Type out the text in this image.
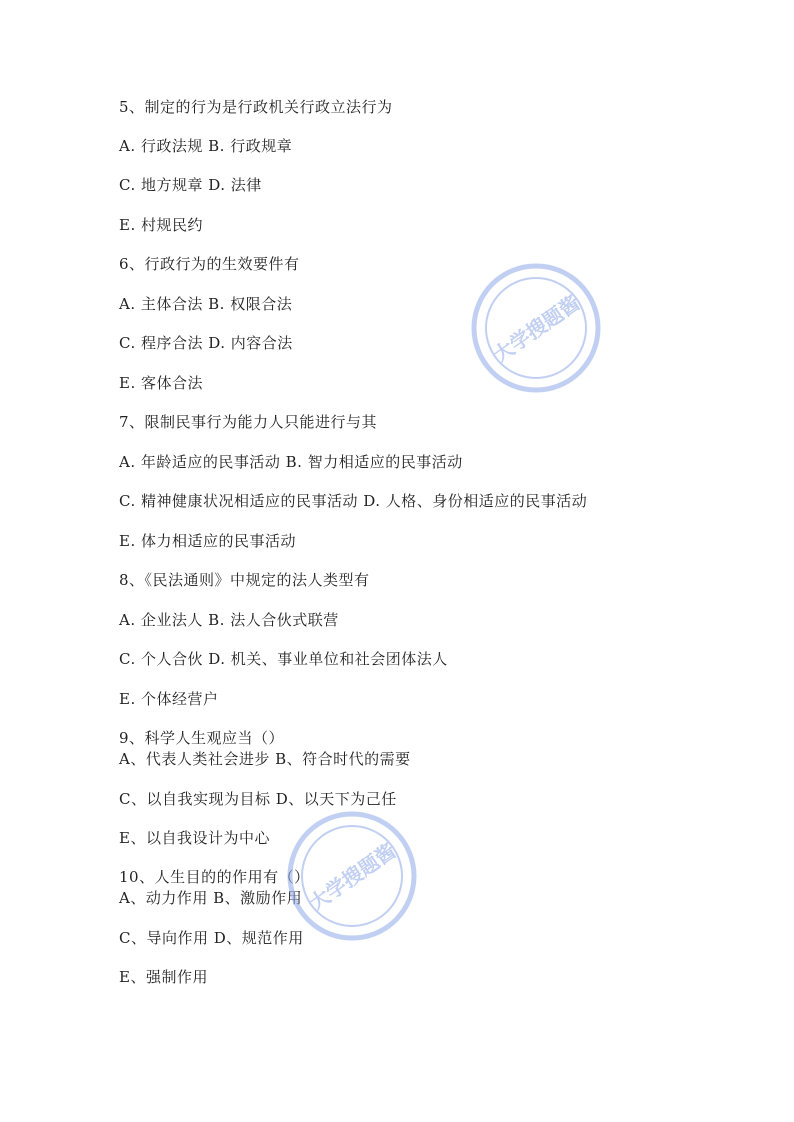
5、制定的行为是行政机关行政立法行为
A. 行政法规 B. 行政规章
C. 地方规章 D. 法律
E. 村规民约
6、行政行为的生效要件有
A. 主体合法 B. 权限合法
C. 程序合法 D. 内容合法
E. 客体合法
7、限制民事行为能力人只能进行与其
A. 年龄适应的民事活动 B. 智力相适应的民事活动
C. 精神健康状况相适应的民事活动 D. 人格、身份相适应的民事活动
E. 体力相适应的民事活动
8、《民法通则》中规定的法人类型有
A. 企业法人 B. 法人合伙式联营
C. 个人合伙 D. 机关、事业单位和社会团体法人
E. 个体经营户
9、科学人生观应当（）
A、代表人类社会进步 B、符合时代的需要
C、以自我实现为目标 D、以天下为己任
E、以自我设计为中心
10、人生目的的作用有（）
A、动力作用 B、激励作用
C、导向作用 D、规范作用
E、强制作用
大学搜题酱
大学搜题酱
